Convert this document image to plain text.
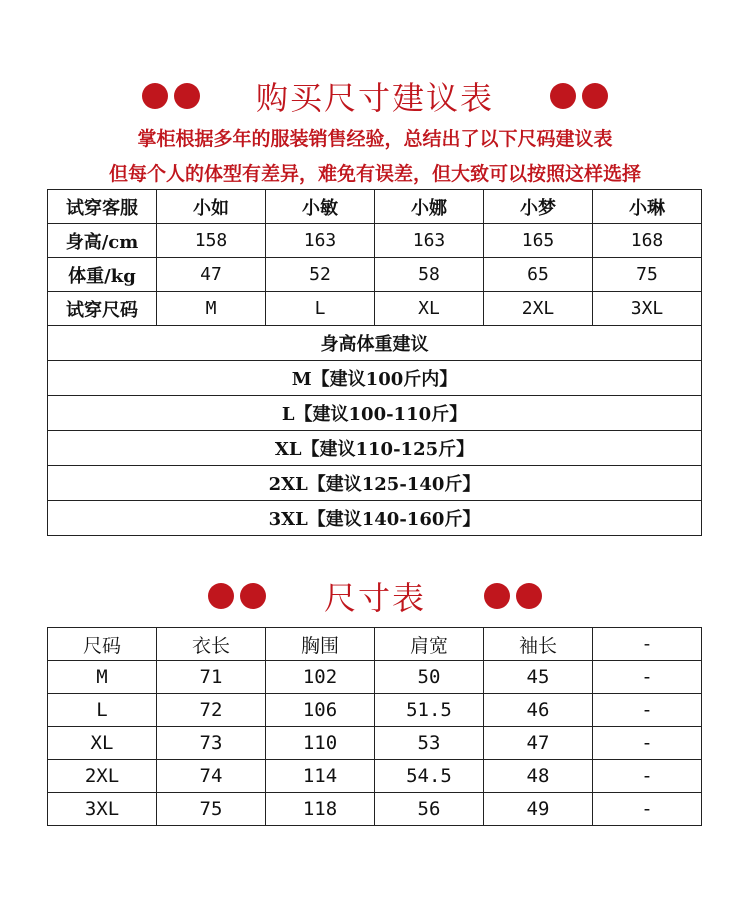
购买尺寸建议表
掌柜根据多年的服装销售经验，总结出了以下尺码建议表
但每个人的体型有差异，难免有误差，但大致可以按照这样选择
试穿客服	小如	小敏	小娜	小梦	小琳
身高/cm	158	163	163	165	168
体重/kg	47	52	58	65	75
试穿尺码	M	L	XL	2XL	3XL
身高体重建议					
M【建议100斤内】					
L【建议100-110斤】					
XL【建议110-125斤】					
2XL【建议125-140斤】					
3XL【建议140-160斤】					
尺寸表
尺码	衣长	胸围	肩宽	袖长	-
M	71	102	50	45	-
L	72	106	51.5	46	-
XL	73	110	53	47	-
2XL	74	114	54.5	48	-
3XL	75	118	56	49	-
